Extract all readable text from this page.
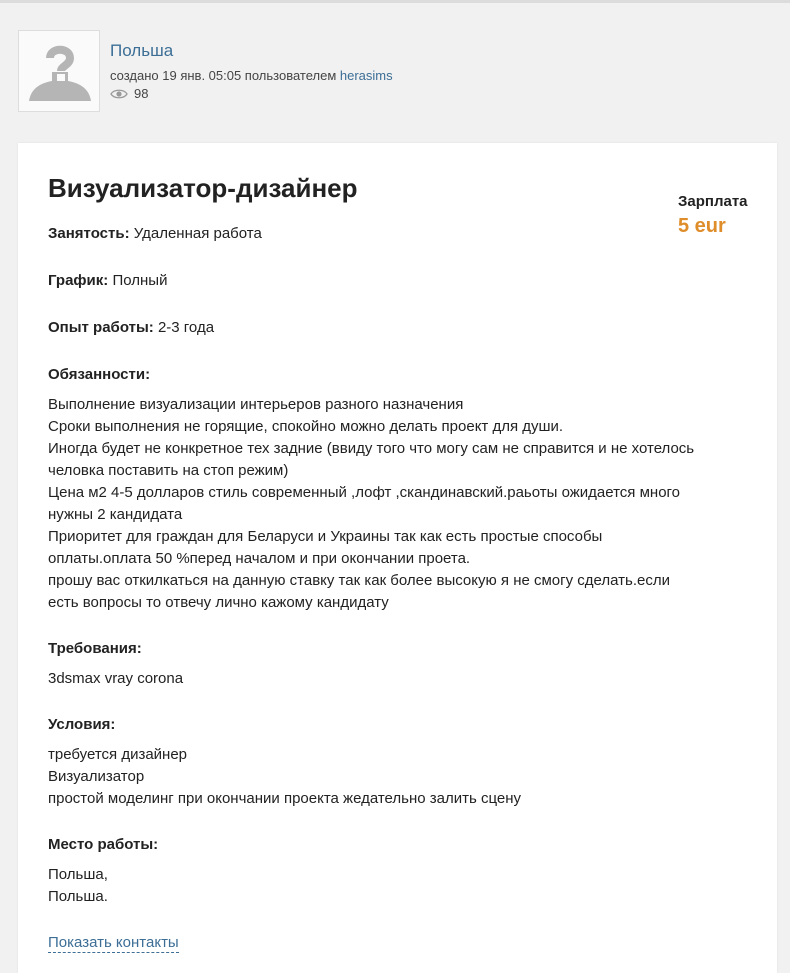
Польша
создано 19 янв. 05:05 пользователем herasims
98
Визуализатор-дизайнер	Зарплата
5 eur
Занятость: Удаленная работа
График: Полный
Опыт работы: 2-3 года
Обязанности:
Выполнение визуализации интерьеров разного назначения
Сроки выполнения не горящие, спокойно можно делать проект для души.
Иногда будет не конкретное тех задние (ввиду того что могу сам не справится и не хотелось
человка поставить на стоп режим)
Цена м2 4-5 долларов стиль современный ,лофт ,скандинавский.раьоты ожидается много
нужны 2 кандидата
Приоритет для граждан для Беларуси и Украины так как есть простые способы
оплаты.оплата 50 %перед началом и при окончании проета.
прошу вас откилкаться на данную ставку так как более высокую я не смогу сделать.если
есть вопросы то отвечу лично кажому кандидату
Требования:
3dsmax vray corona
Условия:
требуется дизайнер
Визуализатор
простой моделинг при окончании проекта жедательно залить сцену
Место работы:
Польша,
Польша.
Показать контакты
